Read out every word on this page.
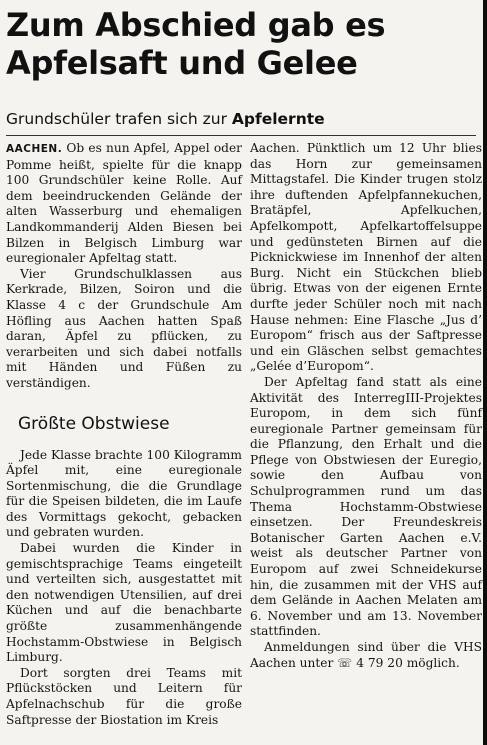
Zum Abschied gab es
Apfelsaft und Gelee
Grundschüler trafen sich zur Apfelernte

AACHEN. Ob es nun Apfel, Appel oder Pomme heißt, spielte für die knapp 100 Grundschüler keine Rolle. Auf dem beeindruckenden Gelände der alten Wasserburg und ehemaligen Landkommanderij Alden Biesen bei Bilzen in Belgisch Limburg war euregionaler Apfeltag statt.

Vier Grundschulklassen aus Kerkrade, Bilzen, Soiron und die Klasse 4 c der Grundschule Am Höfling aus Aachen hatten Spaß daran, Äpfel zu pflücken, zu verarbeiten und sich dabei notfalls mit Händen und Füßen zu verständigen.

Größte Obstwiese

Jede Klasse brachte 100 Kilogramm Äpfel mit, eine euregionale Sortenmischung, die die Grundlage für die Speisen bildeten, die im Laufe des Vormittags gekocht, gebacken und gebraten wurden.

Dabei wurden die Kinder in gemischtsprachige Teams eingeteilt und verteilten sich, ausgestattet mit den notwendigen Utensilien, auf drei Küchen und auf die benachbarte größte zusammenhängende Hochstamm-Obstwiese in Belgisch Limburg.

Dort sorgten drei Teams mit Pflückstöcken und Leitern für Apfelnachschub für die große Saftpresse der Biostation im Kreis

Aachen. Pünktlich um 12 Uhr blies das Horn zur gemeinsamen Mittagstafel. Die Kinder trugen stolz ihre duftenden Apfelpfannekuchen, Bratäpfel, Apfelkuchen, Apfelkompott, Apfelkartoffelsuppe und gedünsteten Birnen auf die Picknickwiese im Innenhof der alten Burg. Nicht ein Stückchen blieb übrig. Etwas von der eigenen Ernte durfte jeder Schüler noch mit nach Hause nehmen: Eine Flasche „Jus d’ Europom“ frisch aus der Saftpresse und ein Gläschen selbst gemachtes „Gelée d’Europom“.

Der Apfeltag fand statt als eine Aktivität des InterregIII-Projektes Europom, in dem sich fünf euregionale Partner gemeinsam für die Pflanzung, den Erhalt und die Pflege von Obstwiesen der Euregio, sowie den Aufbau von Schulprogrammen rund um das Thema Hochstamm-Obstwiese einsetzen. Der Freundeskreis Botanischer Garten Aachen e.V. weist als deutscher Partner von Europom auf zwei Schneidekurse hin, die zusammen mit der VHS auf dem Gelände in Aachen Melaten am 6. November und am 13. November stattfinden.

Anmeldungen sind über die VHS Aachen unter ☏ 4 79 20 möglich.
